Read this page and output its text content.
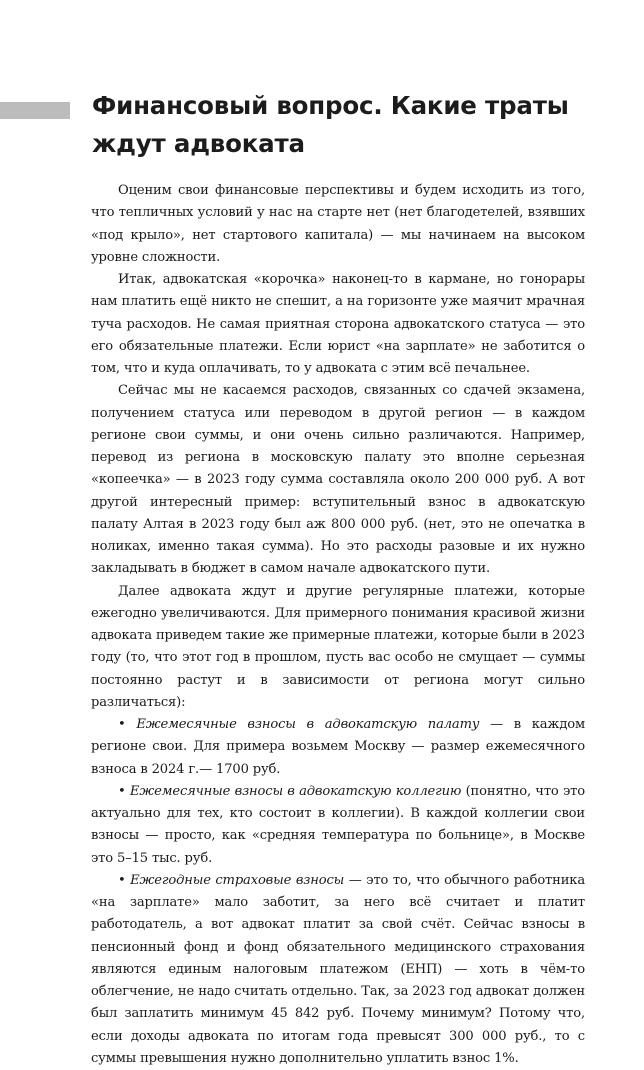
Финансовый вопрос. Какие траты ждут адвоката

Оценим свои финансовые перспективы и будем исходить из того, что тепличных условий у нас на старте нет (нет благодетелей, взявших «под крыло», нет стартового капитала) — мы начинаем на высоком уровне сложности.

Итак, адвокатская «корочка» наконец-то в кармане, но гонорары нам платить ещё никто не спешит, а на горизонте уже маячит мрачная туча расходов. Не самая приятная сторона адвокатского статуса — это его обязательные платежи. Если юрист «на зарплате» не заботится о том, что и куда оплачивать, то у адвоката с этим всё печальнее.

Сейчас мы не касаемся расходов, связанных со сдачей экзамена, получением статуса или переводом в другой регион — в каждом регионе свои суммы, и они очень сильно различаются. Например, перевод из региона в московскую палату это вполне серьезная «копеечка» — в 2023 году сумма составляла около 200 000 руб. А вот другой интересный пример: вступительный взнос в адвокатскую палату Алтая в 2023 году был аж 800 000 руб. (нет, это не опечатка в ноликах, именно такая сумма). Но это расходы разовые и их нужно закладывать в бюджет в самом начале адвокатского пути.

Далее адвоката ждут и другие регулярные платежи, которые ежегодно увеличиваются. Для примерного понимания красивой жизни адвоката приведем такие же примерные платежи, которые были в 2023 году (то, что этот год в прошлом, пусть вас особо не смущает — суммы постоянно растут и в зависимости от региона могут сильно различаться):

• Ежемесячные взносы в адвокатскую палату — в каждом регионе свои. Для примера возьмем Москву — размер ежемесячного взноса в 2024 г.— 1700 руб.

• Ежемесячные взносы в адвокатскую коллегию (понятно, что это актуально для тех, кто состоит в коллегии). В каждой коллегии свои взносы — просто, как «средняя температура по больнице», в Москве это 5–15 тыс. руб.

• Ежегодные страховые взносы — это то, что обычного работника «на зарплате» мало заботит, за него всё считает и платит работодатель, а вот адвокат платит за свой счёт. Сейчас взносы в пенсионный фонд и фонд обязательного медицинского страхования являются единым налоговым платежом (ЕНП) — хоть в чём-то облегчение, не надо считать отдельно. Так, за 2023 год адвокат должен был заплатить минимум 45 842 руб. Почему минимум? Потому что, если доходы адвоката по итогам года превысят 300 000 руб., то с суммы превышения нужно дополнительно уплатить взнос 1%.
